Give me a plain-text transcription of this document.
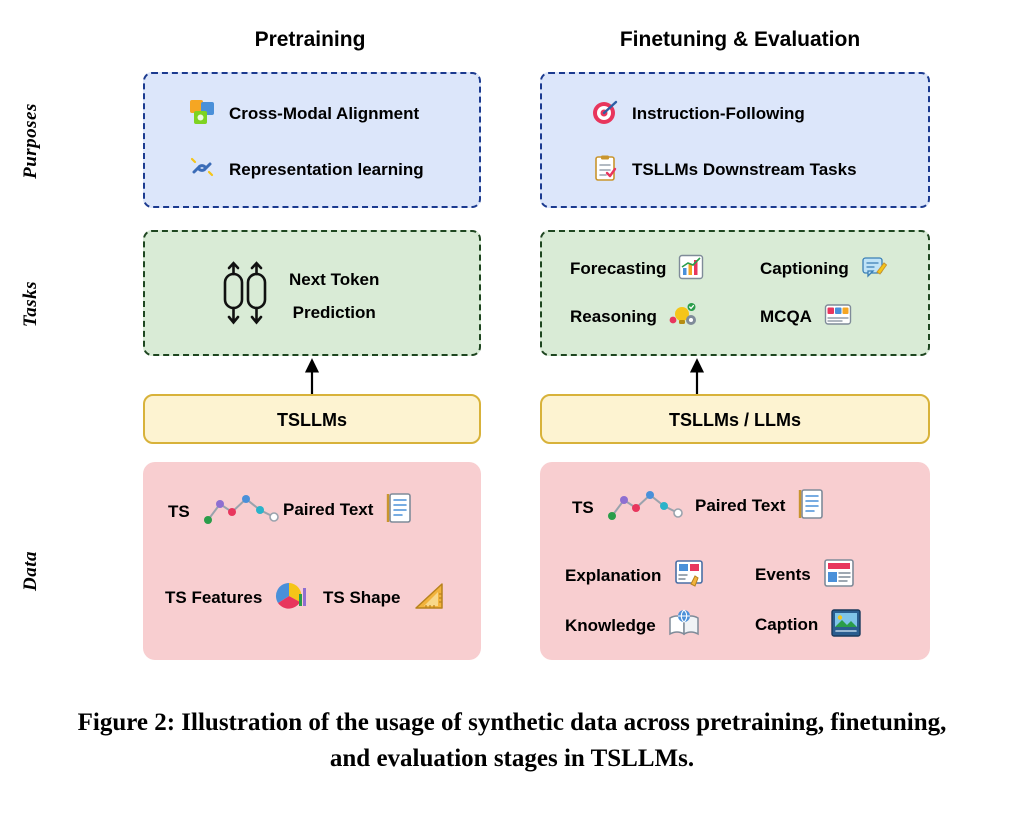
Pretraining	Finetuning & Evaluation
Purposes
Tasks
Data
Cross-Modal Alignment
Representation learning
Instruction-Following
TSLLMs Downstream Tasks
Next Token
Prediction
Forecasting	Captioning
Reasoning	MCQA
TSLLMs	TSLLMs / LLMs
TS	Paired Text
TS Features	TS Shape
TS	Paired Text
Explanation	Events
Knowledge	Caption
Figure 2: Illustration of the usage of synthetic data across pretraining, finetuning, and evaluation stages in TSLLMs.
